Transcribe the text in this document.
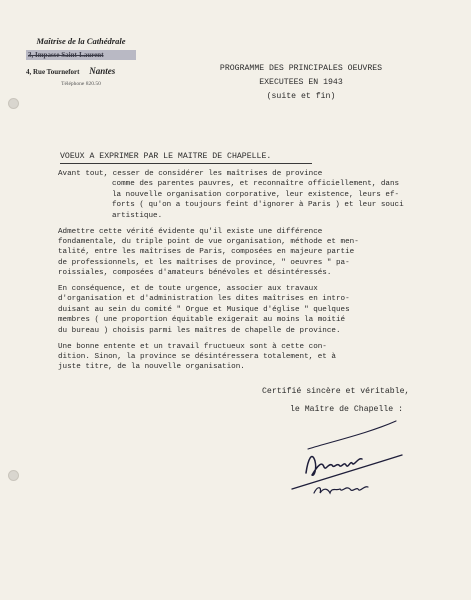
Maîtrise de la Cathédrale
3, Impasse Saint-Laurent
4, Rue Tournefort Nantes
Téléphone 820.50
PROGRAMME DES PRINCIPALES OEUVRES
EXECUTEES EN 1943
(suite et fin)
VOEUX A EXPRIMER PAR LE MAITRE DE CHAPELLE.

Avant tout, cesser de considérer les maîtrises de province
comme des parentes pauvres, et reconnaître officiellement, dans
la nouvelle organisation corporative, leur existence, leurs ef-
forts ( qu'on a toujours feint d'ignorer à Paris ) et leur souci
artistique.

Admettre cette vérité évidente qu'il existe une différence
fondamentale, du triple point de vue organisation, méthode et men-
talité, entre les maîtrises de Paris, composées en majeure partie
de professionnels, et les maîtrises de province, " oeuvres " pa-
roissiales, composées d'amateurs bénévoles et désintéressés.

En conséquence, et de toute urgence, associer aux travaux
d'organisation et d'administration les dites maîtrises en intro-
duisant au sein du comité " Orgue et Musique d'église " quelques
membres ( une proportion équitable exigerait au moins la moitié
du bureau ) choisis parmi les maîtres de chapelle de province.

Une bonne entente et un travail fructueux sont à cette con-
dition. Sinon, la province se désintéressera totalement, et à
juste titre, de la nouvelle organisation.

Certifié sincère et véritable,
le Maître de Chapelle :
